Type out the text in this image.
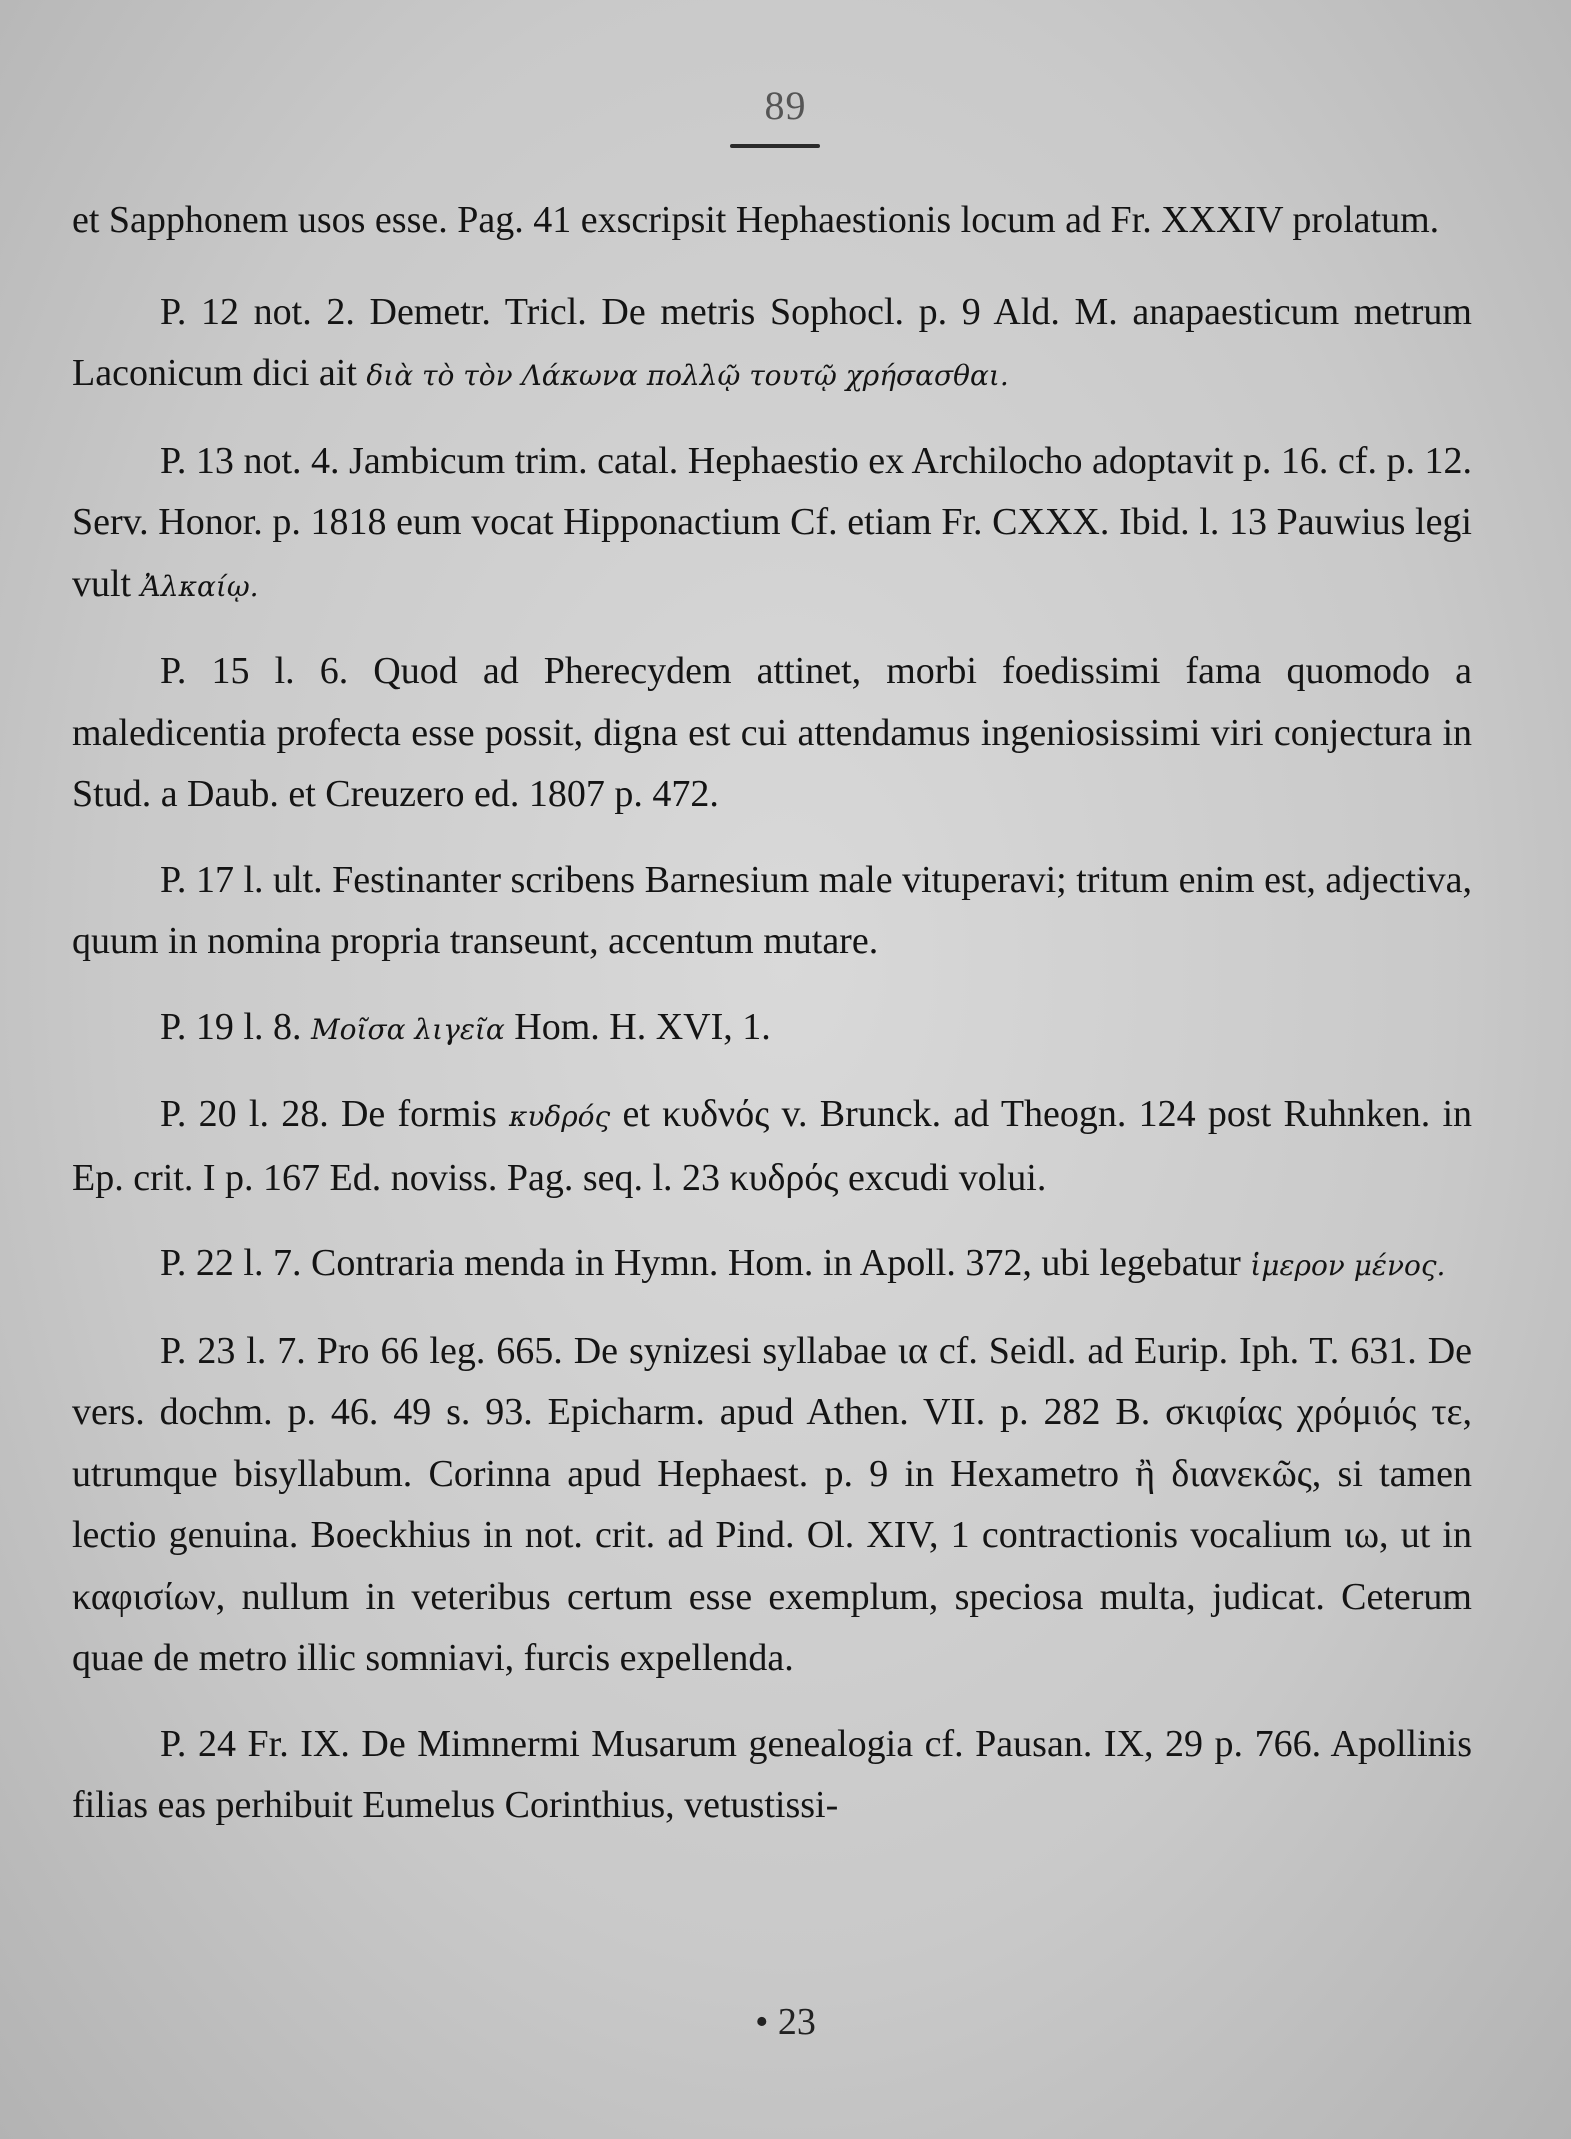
89

et Sapphonem usos esse. Pag. 41 exscripsit Hephaestionis locum ad Fr. XXXIV prolatum.

P. 12 not. 2. Demetr. Tricl. De metris Sophocl. p. 9 Ald. M. anapaesticum metrum Laconicum dici ait διὰ τὸ τὸν Λάκωνα πολλῷ τουτῷ χρήσασθαι.

P. 13 not. 4. Jambicum trim. catal. Hephaestio ex Archilocho adoptavit p. 16. cf. p. 12. Serv. Honor. p. 1818 eum vocat Hipponactium Cf. etiam Fr. CXXX. Ibid. l. 13 Pauwius legi vult Ἀλκαίῳ.

P. 15 l. 6. Quod ad Pherecydem attinet, morbi foedissimi fama quomodo a maledicentia profecta esse possit, digna est cui attendamus ingeniosissimi viri conjectura in Stud. a Daub. et Creuzero ed. 1807 p. 472.

P. 17 l. ult. Festinanter scribens Barnesium male vituperavi; tritum enim est, adjectiva, quum in nomina propria transeunt, accentum mutare.

P. 19 l. 8. Μοῖσα λιγεῖα Hom. H. XVI, 1.

P. 20 l. 28. De formis κυδρός et κυδνός v. Brunck. ad Theogn. 124 post Ruhnken. in Ep. crit. I p. 167 Ed. noviss. Pag. seq. l. 23 κυδρός excudi volui.

P. 22 l. 7. Contraria menda in Hymn. Hom. in Apoll. 372, ubi legebatur ἱμερον μένος.

P. 23 l. 7. Pro 66 leg. 665. De synizesi syllabae ια cf. Seidl. ad Eurip. Iph. T. 631. De vers. dochm. p. 46. 49 s. 93. Epicharm. apud Athen. VII. p. 282 B. σκιφίας χρόμιός τε, utrumque bisyllabum. Corinna apud Hephaest. p. 9 in Hexametro ἢ διανεκῶς, si tamen lectio genuina. Boeckhius in not. crit. ad Pind. Ol. XIV, 1 contractionis vocalium ιω, ut in καφισίων, nullum in veteribus certum esse exemplum, speciosa multa, judicat. Ceterum quae de metro illic somniavi, furcis expellenda.

P. 24 Fr. IX. De Mimnermi Musarum genealogia cf. Pausan. IX, 29 p. 766. Apollinis filias eas perhibuit Eumelus Corinthius, vetustissi-

• 23
